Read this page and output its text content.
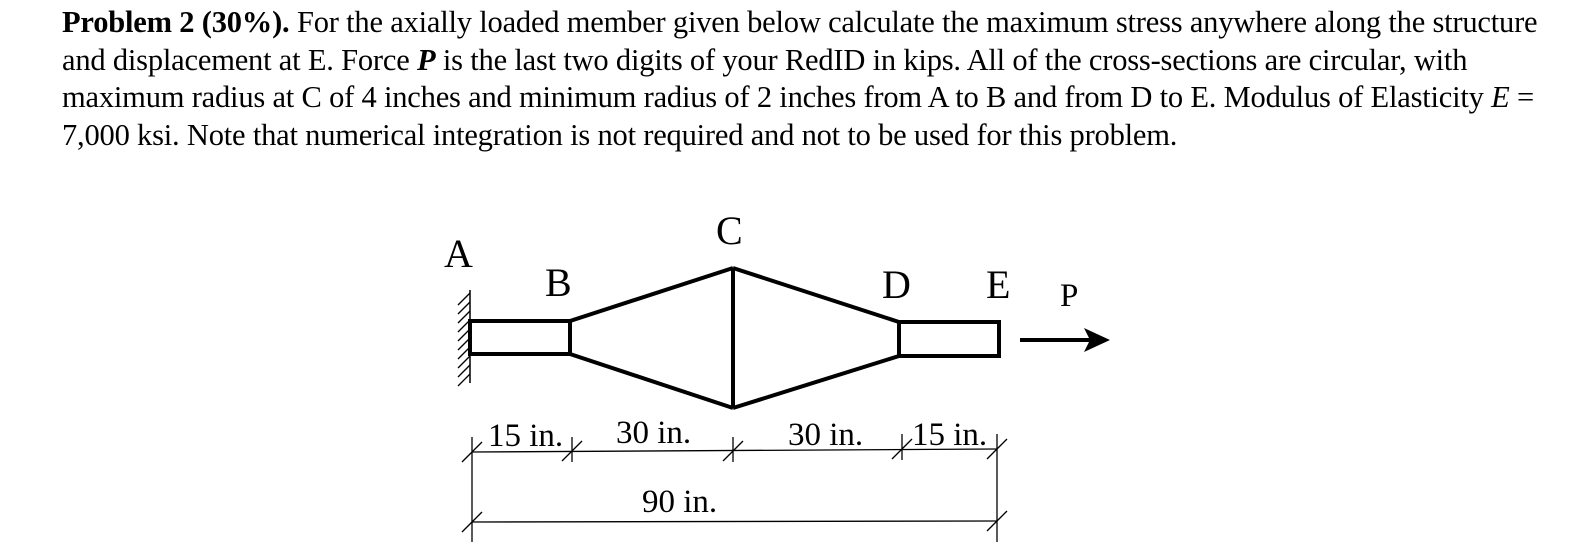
Problem 2 (30%). For the axially loaded member given below calculate the maximum stress anywhere along the structure and displacement at E. Force P is the last two digits of your RedID in kips. All of the cross-sections are circular, with maximum radius at C of 4 inches and minimum radius of 2 inches from A to B and from D to E. Modulus of Elasticity E = 7,000 ksi. Note that numerical integration is not required and not to be used for this problem.
A
B
C
D E P
15 in. 30 in.	30 in. 15 in.
90 in.
